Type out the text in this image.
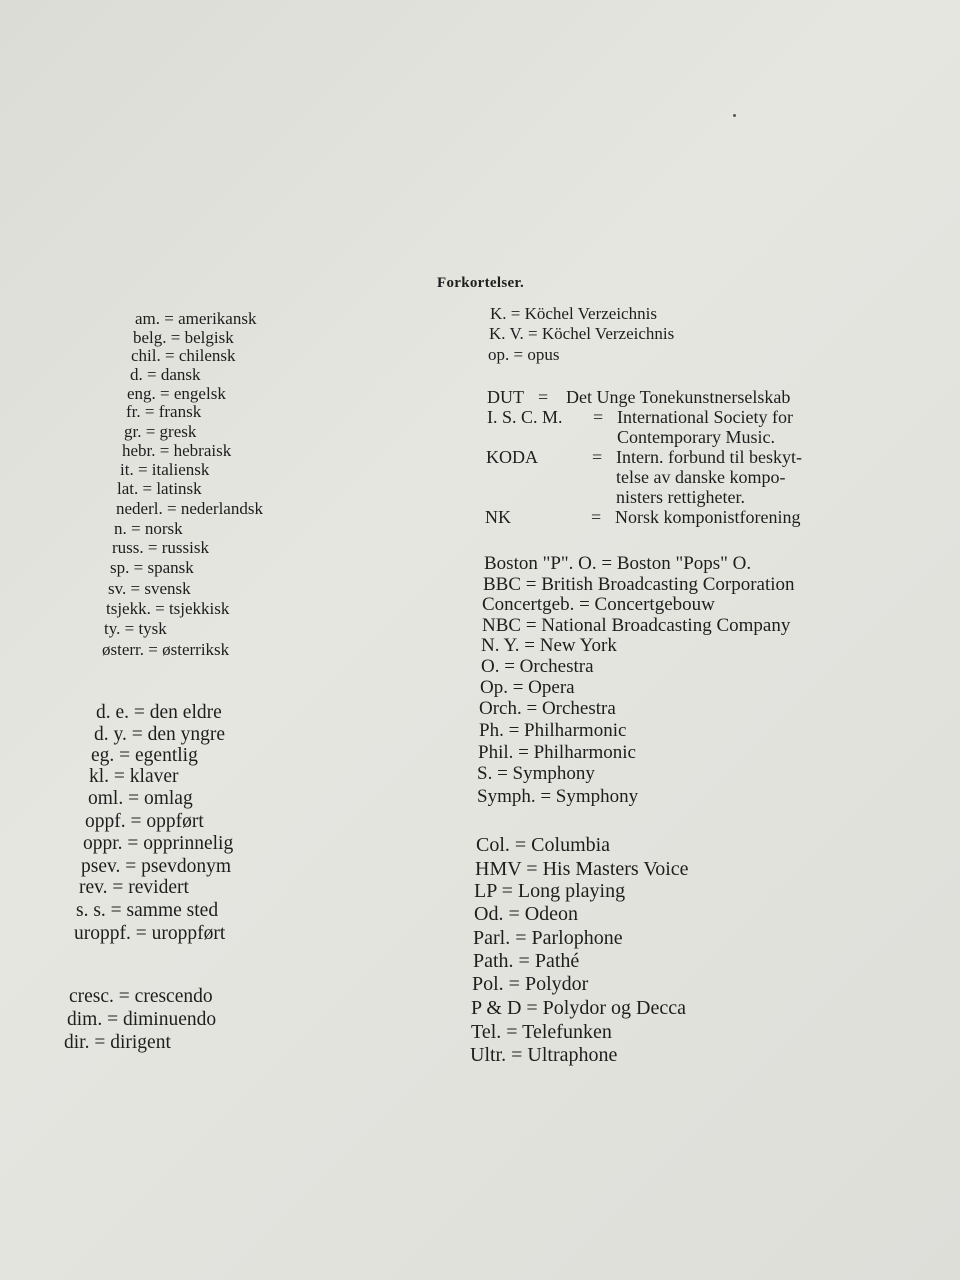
Forkortelser.
am. = amerikansk
belg. = belgisk
chil. = chilensk
d. = dansk
eng. = engelsk
fr. = fransk
gr. = gresk
hebr. = hebraisk
it. = italiensk
lat. = latinsk
nederl. = nederlandsk
n. = norsk
russ. = russisk
sp. = spansk
sv. = svensk
tsjekk. = tsjekkisk
ty. = tysk
østerr. = østerriksk
d. e. = den eldre
d. y. = den yngre
eg. = egentlig
kl. = klaver
oml. = omlag
oppf. = oppført
oppr. = opprinnelig
psev. = psevdonym
rev. = revidert
s. s. = samme sted
uroppf. = uroppført
cresc. = crescendo
dim. = diminuendo
dir. = dirigent
K. = Köchel Verzeichnis
K. V. = Köchel Verzeichnis
op. = opus
DUT = Det Unge Tonekunstnerselskab
I. S. C. M. = International Society for
Contemporary Music.
KODA	= Intern. forbund til beskyt-
telse av danske kompo-
nisters rettigheter.
NK	= Norsk komponistforening
Boston "P". O. = Boston "Pops" O.
BBC = British Broadcasting Corporation
Concertgeb. = Concertgebouw
NBC = National Broadcasting Company
N. Y. = New York
O. = Orchestra
Op. = Opera
Orch. = Orchestra
Ph. = Philharmonic
Phil. = Philharmonic
S. = Symphony
Symph. = Symphony
Col. = Columbia
HMV = His Masters Voice
LP = Long playing
Od. = Odeon
Parl. = Parlophone
Path. = Pathé
Pol. = Polydor
P & D = Polydor og Decca
Tel. = Telefunken
Ultr. = Ultraphone
